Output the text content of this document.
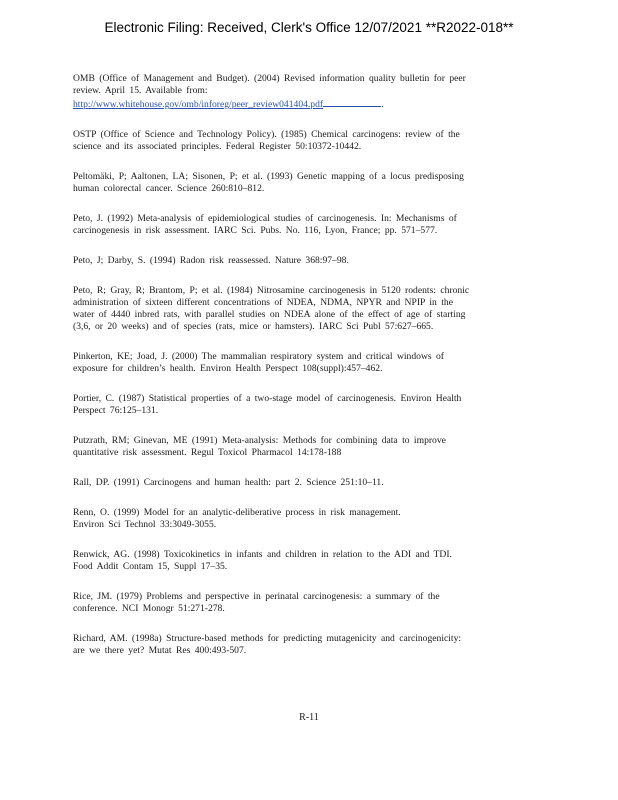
Electronic Filing: Received, Clerk's Office 12/07/2021 **R2022-018**
OMB (Office of Management and Budget). (2004) Revised information quality bulletin for peer
review. April 15. Available from:
http://www.whitehouse.gov/omb/inforeg/peer_review041404.pdf	.
OSTP (Office of Science and Technology Policy). (1985) Chemical carcinogens: review of the
science and its associated principles. Federal Register 50:10372-10442.
Peltomäki, P; Aaltonen, LA; Sisonen, P; et al. (1993) Genetic mapping of a locus predisposing
human colorectal cancer. Science 260:810–812.
Peto, J. (1992) Meta-analysis of epidemiological studies of carcinogenesis. In: Mechanisms of
carcinogenesis in risk assessment. IARC Sci. Pubs. No. 116, Lyon, France; pp. 571–577.
Peto, J; Darby, S. (1994) Radon risk reassessed. Nature 368:97–98.
Peto, R; Gray, R; Brantom, P; et al. (1984) Nitrosamine carcinogenesis in 5120 rodents: chronic
administration of sixteen different concentrations of NDEA, NDMA, NPYR and NPIP in the
water of 4440 inbred rats, with parallel studies on NDEA alone of the effect of age of starting
(3,6, or 20 weeks) and of species (rats, mice or hamsters). IARC Sci Publ 57:627–665.
Pinkerton, KE; Joad, J. (2000) The mammalian respiratory system and critical windows of
exposure for children’s health. Environ Health Perspect 108(suppl):457–462.
Portier, C. (1987) Statistical properties of a two-stage model of carcinogenesis. Environ Health
Perspect 76:125–131.
Putzrath, RM; Ginevan, ME (1991) Meta-analysis: Methods for combining data to improve
quantitative risk assessment. Regul Toxicol Pharmacol 14:178-188
Rall, DP. (1991) Carcinogens and human health: part 2. Science 251:10–11.
Renn, O. (1999) Model for an analytic-deliberative process in risk management.
Environ Sci Technol 33:3049-3055.
Renwick, AG. (1998) Toxicokinetics in infants and children in relation to the ADI and TDI.
Food Addit Contam 15, Suppl 17–35.
Rice, JM. (1979) Problems and perspective in perinatal carcinogenesis: a summary of the
conference. NCI Monogr 51:271-278.
Richard, AM. (1998a) Structure-based methods for predicting mutagenicity and carcinogenicity:
are we there yet? Mutat Res 400:493-507.
R-11
